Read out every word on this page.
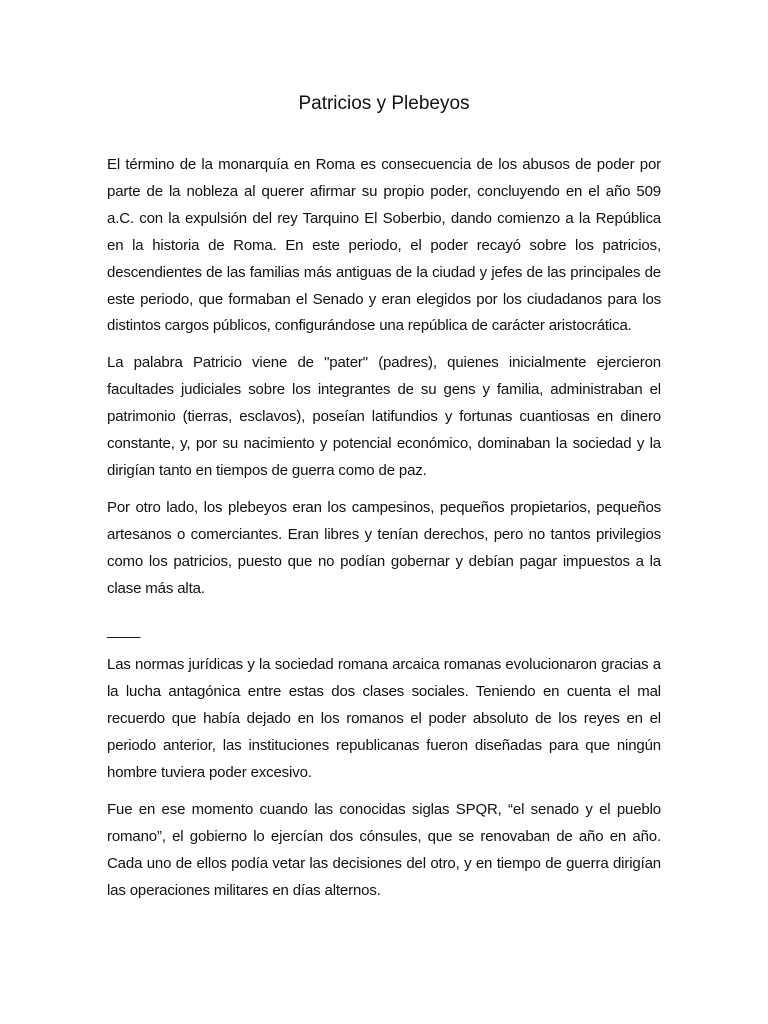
Patricios y Plebeyos

El término de la monarquía en Roma es consecuencia de los abusos de poder por parte de la nobleza al querer afirmar su propio poder, concluyendo en el año 509 a.C. con la expulsión del rey Tarquino El Soberbio, dando comienzo a la República en la historia de Roma. En este periodo, el poder recayó sobre los patricios, descendientes de las familias más antiguas de la ciudad y jefes de las principales de este periodo, que formaban el Senado y eran elegidos por los ciudadanos para los distintos cargos públicos, configurándose una república de carácter aristocrática.

La palabra Patricio viene de "pater" (padres), quienes inicialmente ejercieron facultades judiciales sobre los integrantes de su gens y familia, administraban el patrimonio (tierras, esclavos), poseían latifundios y fortunas cuantiosas en dinero constante, y, por su nacimiento y potencial económico, dominaban la sociedad y la dirigían tanto en tiempos de guerra como de paz.

Por otro lado, los plebeyos eran los campesinos, pequeños propietarios, pequeños artesanos o comerciantes. Eran libres y tenían derechos, pero no tantos privilegios como los patricios, puesto que no podían gobernar y debían pagar impuestos a la clase más alta.

____

Las normas jurídicas y la sociedad romana arcaica romanas evolucionaron gracias a la lucha antagónica entre estas dos clases sociales. Teniendo en cuenta el mal recuerdo que había dejado en los romanos el poder absoluto de los reyes en el periodo anterior, las instituciones republicanas fueron diseñadas para que ningún hombre tuviera poder excesivo.

Fue en ese momento cuando las conocidas siglas SPQR, “el senado y el pueblo romano”, el gobierno lo ejercían dos cónsules, que se renovaban de año en año. Cada uno de ellos podía vetar las decisiones del otro, y en tiempo de guerra dirigían las operaciones militares en días alternos.
